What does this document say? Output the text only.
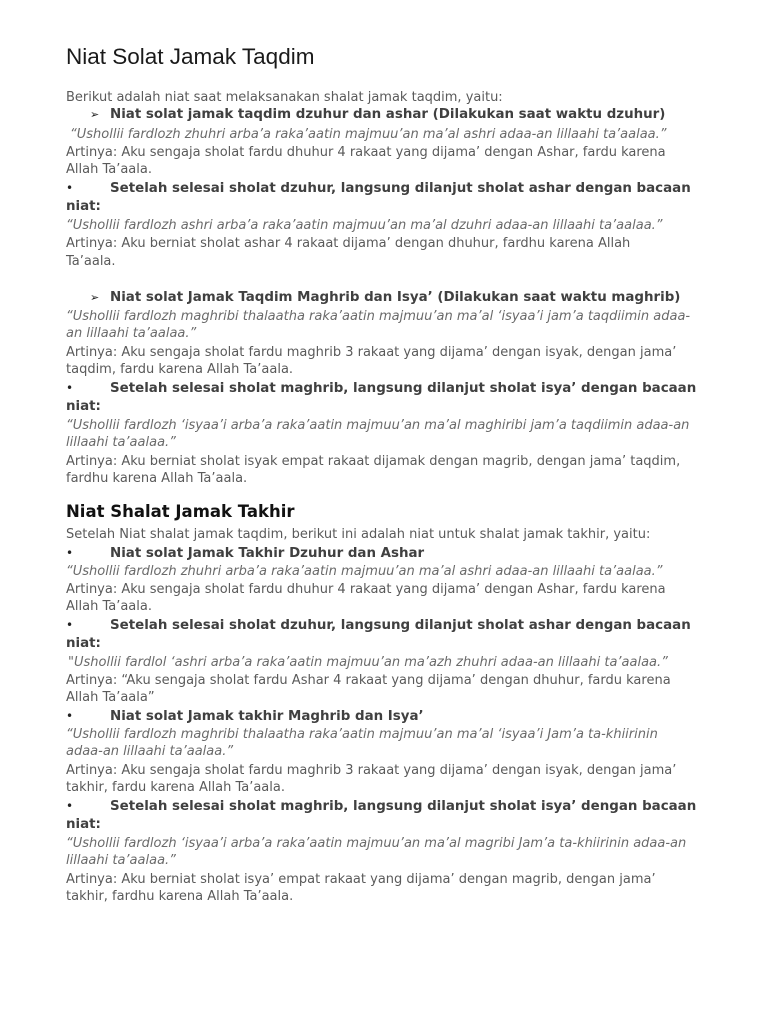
Niat Solat Jamak Taqdim
Berikut adalah niat saat melaksanakan shalat jamak taqdim, yaitu:
➢ Niat solat jamak taqdim dzuhur dan ashar (Dilakukan saat waktu dzuhur)
“Ushollii fardlozh zhuhri arba’a raka’aatin majmuu’an ma’al ashri adaa-an lillaahi ta’aalaa.”
Artinya: Aku sengaja sholat fardu dhuhur 4 rakaat yang dijama’ dengan Ashar, fardu karena
Allah Ta’aala.
•	Setelah selesai sholat dzuhur, langsung dilanjut sholat ashar dengan bacaan
niat:
“Ushollii fardlozh ashri arba’a raka’aatin majmuu’an ma’al dzuhri adaa-an lillaahi ta’aalaa.”
Artinya: Aku berniat sholat ashar 4 rakaat dijama’ dengan dhuhur, fardhu karena Allah
Ta’aala.
➢ Niat solat Jamak Taqdim Maghrib dan Isya’ (Dilakukan saat waktu maghrib)
“Ushollii fardlozh maghribi thalaatha raka’aatin majmuu’an ma’al ‘isyaa’i jam’a taqdiimin adaa-
an lillaahi ta’aalaa.”
Artinya: Aku sengaja sholat fardu maghrib 3 rakaat yang dijama’ dengan isyak, dengan jama’
taqdim, fardu karena Allah Ta’aala.
•	Setelah selesai sholat maghrib, langsung dilanjut sholat isya’ dengan bacaan
niat:
“Ushollii fardlozh ‘isyaa’i arba’a raka’aatin majmuu’an ma’al maghiribi jam’a taqdiimin adaa-an
lillaahi ta’aalaa.”
Artinya: Aku berniat sholat isyak empat rakaat dijamak dengan magrib, dengan jama’ taqdim,
fardhu karena Allah Ta’aala.
Niat Shalat Jamak Takhir
Setelah Niat shalat jamak taqdim, berikut ini adalah niat untuk shalat jamak takhir, yaitu:
•	Niat solat Jamak Takhir Dzuhur dan Ashar
“Ushollii fardlozh zhuhri arba’a raka’aatin majmuu’an ma’al ashri adaa-an lillaahi ta’aalaa.”
Artinya: Aku sengaja sholat fardu dhuhur 4 rakaat yang dijama’ dengan Ashar, fardu karena
Allah Ta’aala.
•	Setelah selesai sholat dzuhur, langsung dilanjut sholat ashar dengan bacaan
niat:
"Ushollii fardlol ‘ashri arba’a raka’aatin majmuu’an ma’azh zhuhri adaa-an lillaahi ta’aalaa.”
Artinya: “Aku sengaja sholat fardu Ashar 4 rakaat yang dijama’ dengan dhuhur, fardu karena
Allah Ta’aala”
•	Niat solat Jamak takhir Maghrib dan Isya’
“Ushollii fardlozh maghribi thalaatha raka’aatin majmuu’an ma’al ‘isyaa’i Jam’a ta-khiirinin
adaa-an lillaahi ta’aalaa.”
Artinya: Aku sengaja sholat fardu maghrib 3 rakaat yang dijama’ dengan isyak, dengan jama’
takhir, fardu karena Allah Ta’aala.
•	Setelah selesai sholat maghrib, langsung dilanjut sholat isya’ dengan bacaan
niat:
“Ushollii fardlozh ‘isyaa’i arba’a raka’aatin majmuu’an ma’al magribi Jam’a ta-khiirinin adaa-an
lillaahi ta’aalaa.”
Artinya: Aku berniat sholat isya’ empat rakaat yang dijama’ dengan magrib, dengan jama’
takhir, fardhu karena Allah Ta’aala.
